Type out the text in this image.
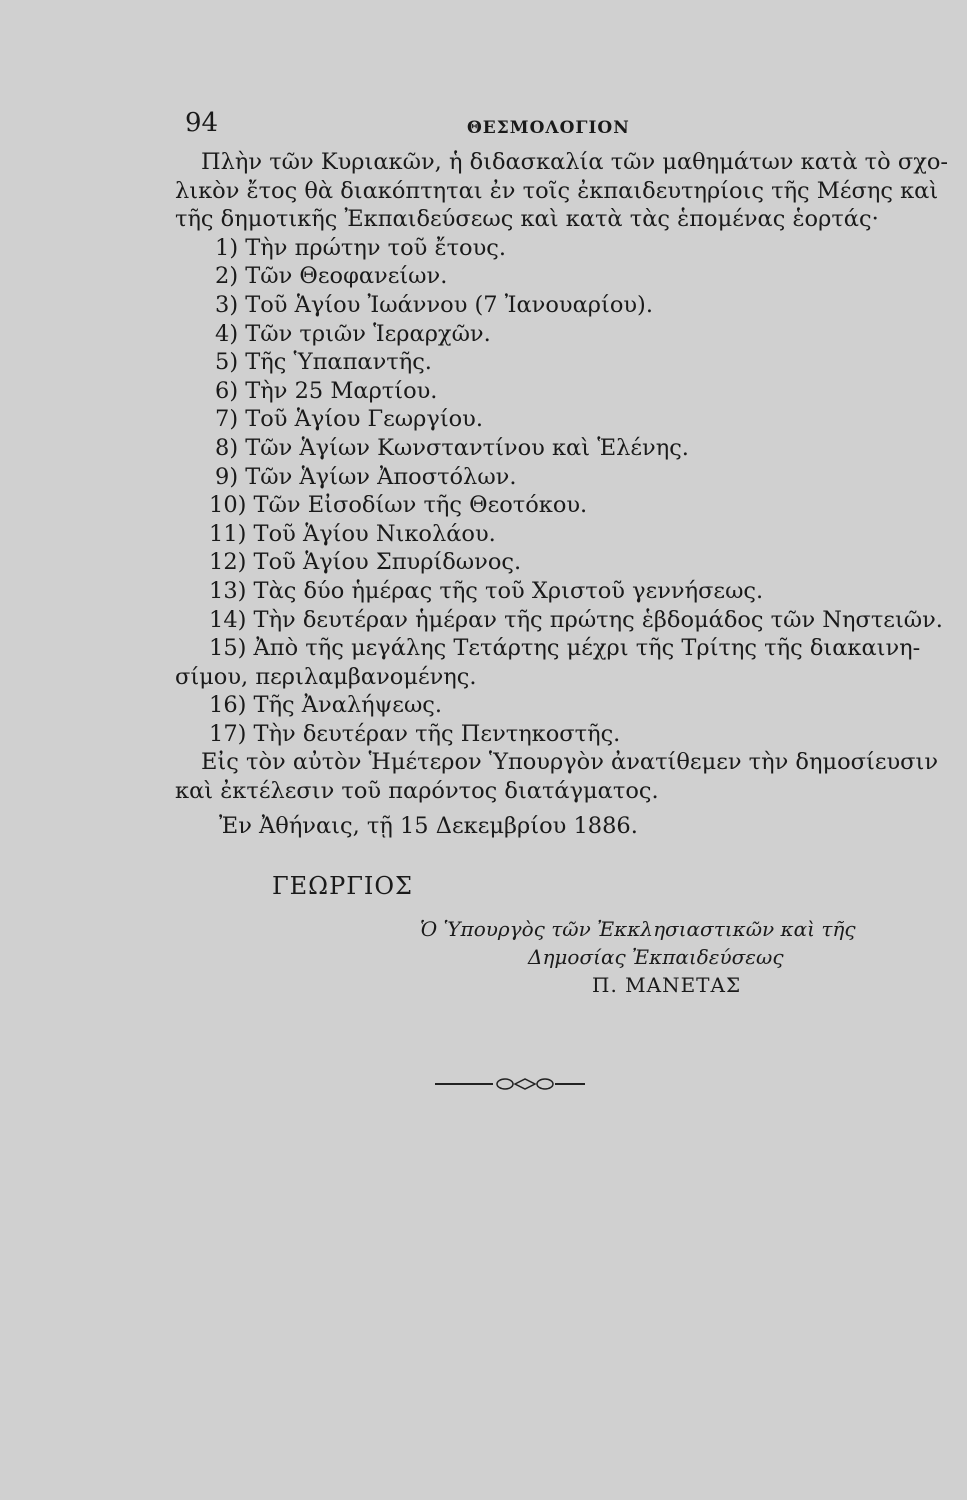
94	ΘΕΣΜΟΛΟΓΙΟΝ
Πλὴν τῶν Κυριακῶν, ἡ διδασκαλία τῶν μαθημάτων κατὰ τὸ σχο-
λικὸν ἔτος θὰ διακόπτηται ἐν τοῖς ἐκπαιδευτηρίοις τῆς Μέσης καὶ
τῆς δημοτικῆς Ἐκπαιδεύσεως καὶ κατὰ τὰς ἑπομένας ἑορτάς·
1) Τὴν πρώτην τοῦ ἔτους.
2) Τῶν Θεοφανείων.
3) Τοῦ Ἁγίου Ἰωάννου (7 Ἰανουαρίου).
4) Τῶν τριῶν Ἱεραρχῶν.
5) Τῆς Ὑπαπαντῆς.
6) Τὴν 25 Μαρτίου.
7) Τοῦ Ἁγίου Γεωργίου.
8) Τῶν Ἁγίων Κωνσταντίνου καὶ Ἑλένης.
9) Τῶν Ἁγίων Ἀποστόλων.
10) Τῶν Εἰσοδίων τῆς Θεοτόκου.
11) Τοῦ Ἁγίου Νικολάου.
12) Τοῦ Ἁγίου Σπυρίδωνος.
13) Τὰς δύο ἡμέρας τῆς τοῦ Χριστοῦ γεννήσεως.
14) Τὴν δευτέραν ἡμέραν τῆς πρώτης ἑβδομάδος τῶν Νηστειῶν.
15) Ἀπὸ τῆς μεγάλης Τετάρτης μέχρι τῆς Τρίτης τῆς διακαινη-
σίμου, περιλαμβανομένης.
16) Τῆς Ἀναλήψεως.
17) Τὴν δευτέραν τῆς Πεντηκοστῆς.
Εἰς τὸν αὐτὸν Ἡμέτερον Ὑπουργὸν ἀνατίθεμεν τὴν δημοσίευσιν
καὶ ἐκτέλεσιν τοῦ παρόντος διατάγματος.
Ἐν Ἀθήναις, τῇ 15 Δεκεμβρίου 1886.
ΓΕΩΡΓΙΟΣ
Ὁ Ὑπουργὸς τῶν Ἐκκλησιαστικῶν καὶ τῆς
Δημοσίας Ἐκπαιδεύσεως
Π. ΜΑΝΕΤΑΣ
